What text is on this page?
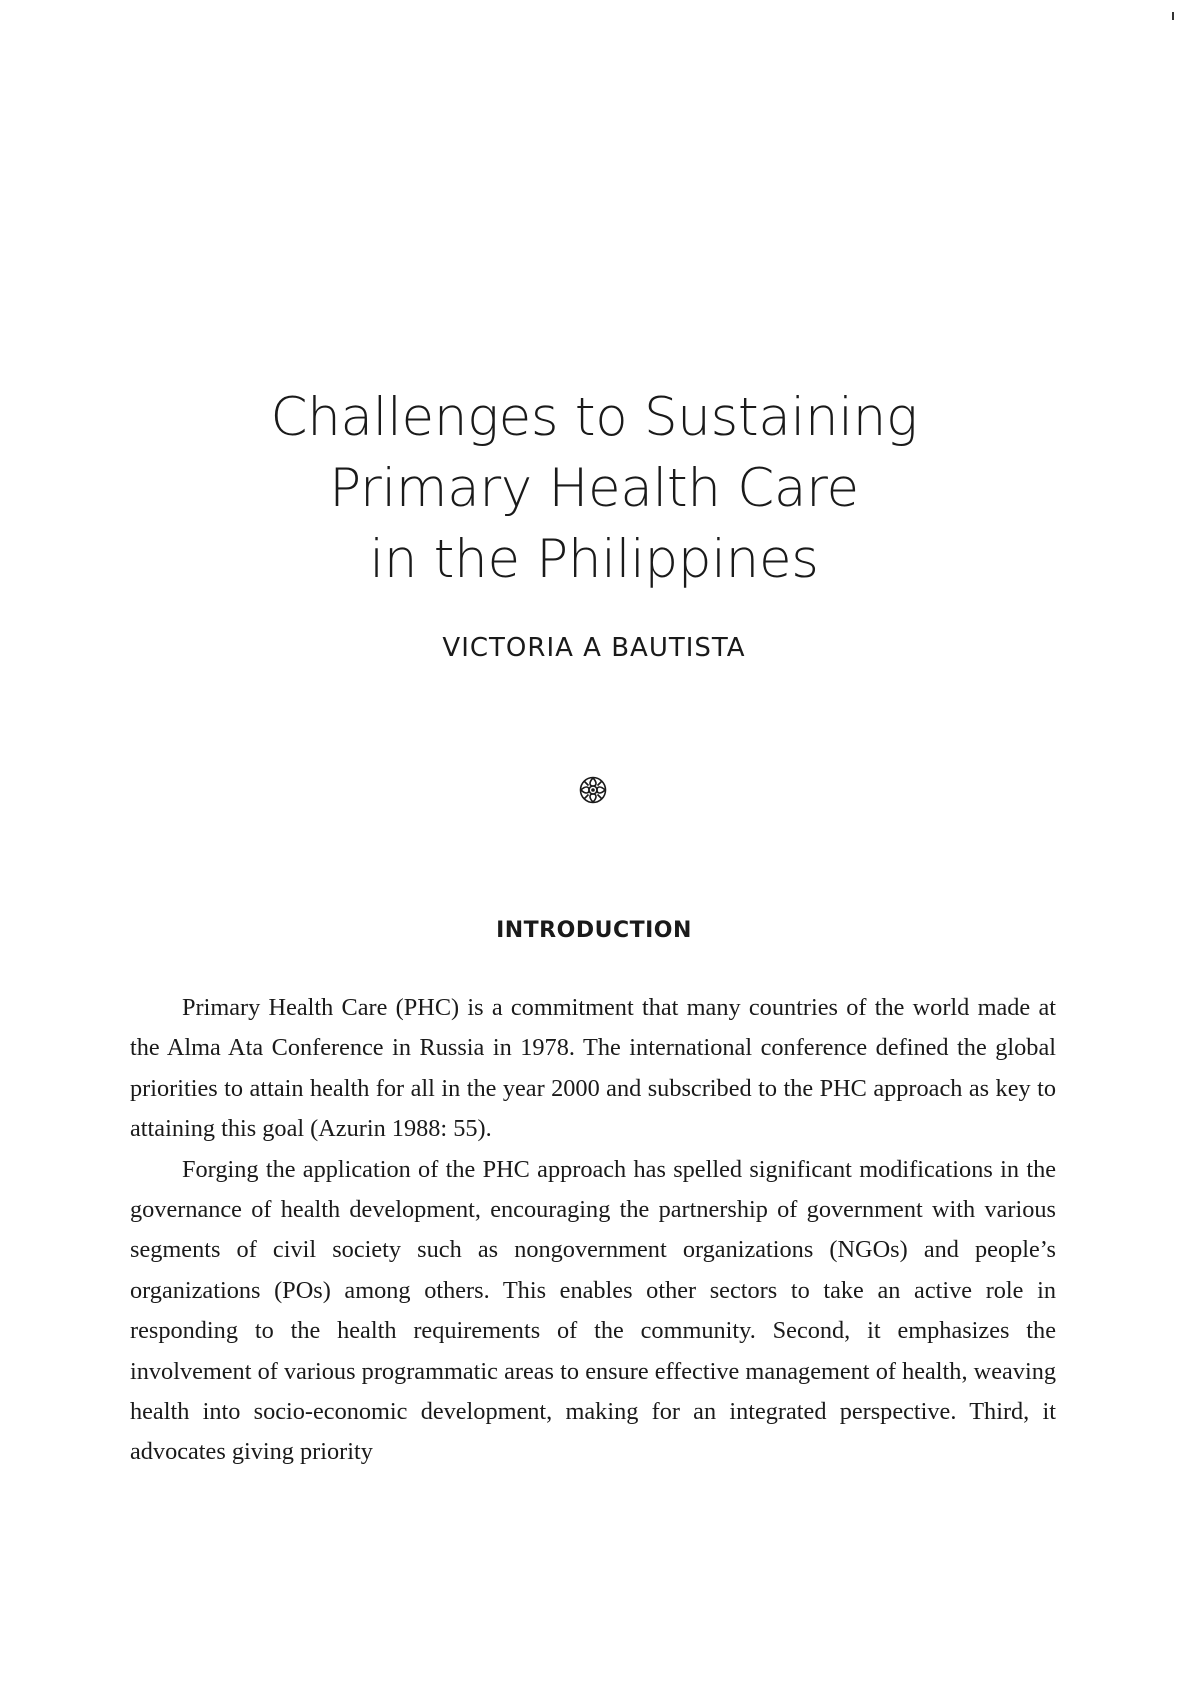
Challenges to Sustaining
Primary Health Care
in the Philippines
VICTORIA A BAUTISTA
INTRODUCTION

Primary Health Care (PHC) is a commitment that many countries of the world made at the Alma Ata Conference in Russia in 1978. The international conference defined the global priorities to attain health for all in the year 2000 and subscribed to the PHC approach as key to attaining this goal (Azurin 1988: 55).

Forging the application of the PHC approach has spelled significant modifications in the governance of health development, encouraging the partnership of government with various segments of civil society such as nongovernment organizations (NGOs) and people’s organizations (POs) among others. This enables other sectors to take an active role in responding to the health requirements of the community. Second, it emphasizes the involvement of various programmatic areas to ensure effective management of health, weaving health into socio-economic development, making for an integrated perspective. Third, it advocates giving priority
